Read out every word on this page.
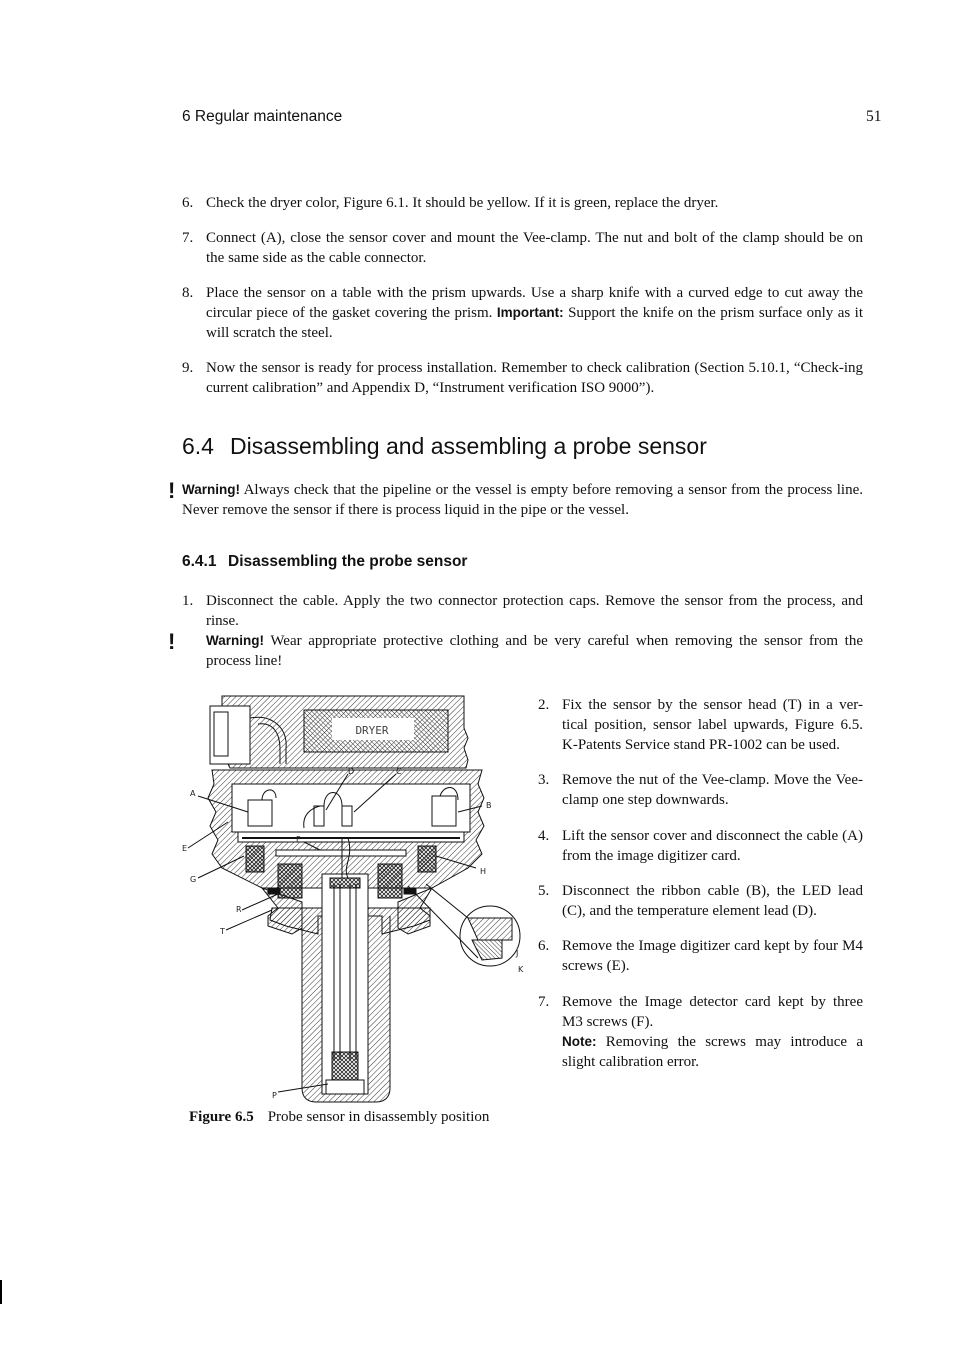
6 Regular maintenance	51
6. Check the dryer color, Figure 6.1. It should be yellow. If it is green, replace the dryer.
7. Connect (A), close the sensor cover and mount the Vee-clamp. The nut and bolt of the clamp should be on the same side as the cable connector.
8. Place the sensor on a table with the prism upwards. Use a sharp knife with a curved edge to cut away the circular piece of the gasket covering the prism. Important: Support the knife on the prism surface only as it will scratch the steel.
9. Now the sensor is ready for process installation. Remember to check calibration (Section 5.10.1, “Check-ing current calibration” and Appendix D, “Instrument verification ISO 9000”).
6.4 Disassembling and assembling a probe sensor
! Warning! Always check that the pipeline or the vessel is empty before removing a sensor from the process line. Never remove the sensor if there is process liquid in the pipe or the vessel.
6.4.1 Disassembling the probe sensor
1. Disconnect the cable. Apply the two connector protection caps. Remove the sensor from the process, and rinse.
Warning! Wear appropriate protective clothing and be very careful when removing the sensor from the process line!
!
2. Fix the sensor by the sensor head (T) in a ver-tical position, sensor label upwards, Figure 6.5. K-Patents Service stand PR-1002 can be used.
3. Remove the nut of the Vee-clamp. Move the Vee-clamp one step downwards.
4. Lift the sensor cover and disconnect the cable (A) from the image digitizer card.
5. Disconnect the ribbon cable (B), the LED lead (C), and the temperature element lead (D).
6. Remove the Image digitizer card kept by four M4 screws (E).
7. Remove the Image detector card kept by three M3 screws (F).
Note: Removing the screws may introduce a slight calibration error.
DRYER
A
B
C
D
E
F
G
H
J
K
P
R
T
Figure 6.5 Probe sensor in disassembly position
